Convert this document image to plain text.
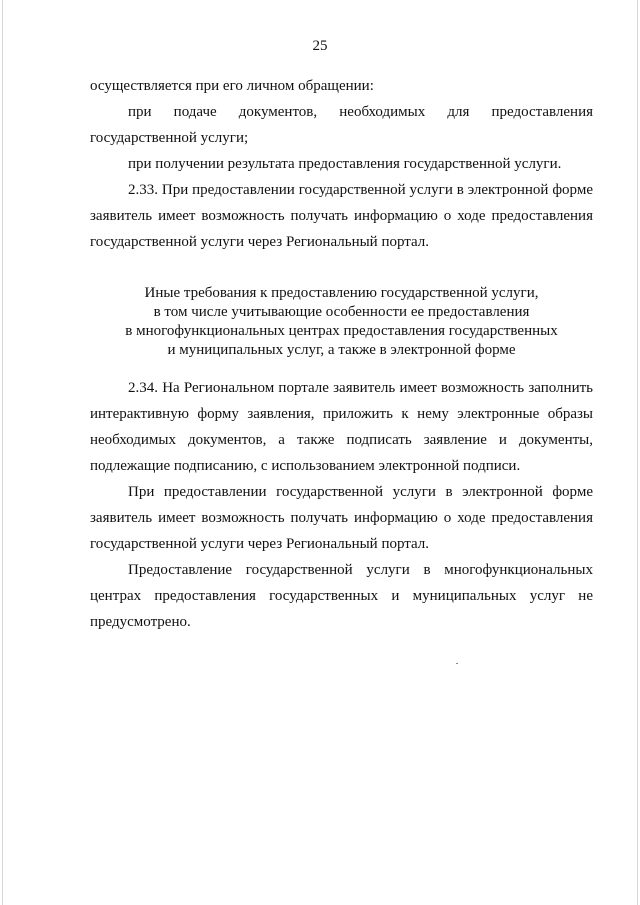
25

осуществляется при его личном обращении:

при подаче документов, необходимых для предоставления государственной услуги;

при получении результата предоставления государственной услуги.

2.33. При предоставлении государственной услуги в электронной форме заявитель имеет возможность получать информацию о ходе предоставления государственной услуги через Региональный портал.

Иные требования к предоставлению государственной услуги,
в том числе учитывающие особенности ее предоставления
в многофункциональных центрах предоставления государственных
и муниципальных услуг, а также в электронной форме

2.34. На Региональном портале заявитель имеет возможность заполнить интерактивную форму заявления, приложить к нему электронные образы необходимых документов, а также подписать заявление и документы, подлежащие подписанию, с использованием электронной подписи.

При предоставлении государственной услуги в электронной форме заявитель имеет возможность получать информацию о ходе предоставления государственной услуги через Региональный портал.

Предоставление государственной услуги в многофункциональных центрах предоставления государственных и муниципальных услуг не предусмотрено.
